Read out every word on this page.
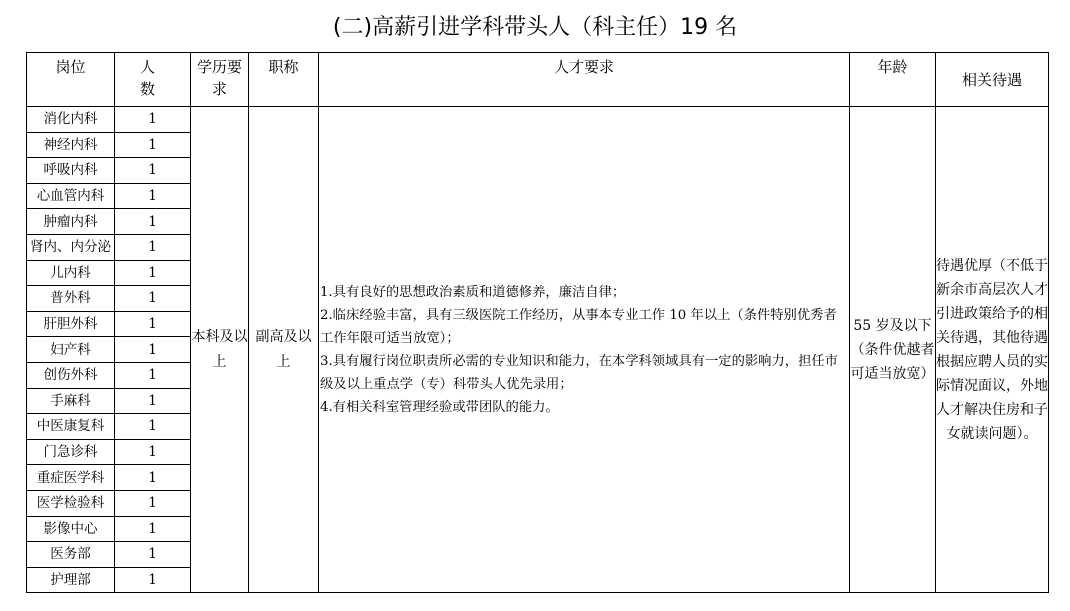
(二)高薪引进学科带头人（科主任）19 名
岗位	人数	学历要求	职称	人才要求	年龄	相关待遇
消化内科	1	本科及以上	副高及以上	1.具有良好的思想政治素质和道德修养，廉洁自律；
2.临床经验丰富，具有三级医院工作经历，从事本专业工作 10 年以上（条件特别优秀者工作年限可适当放宽）；
3.具有履行岗位职责所必需的专业知识和能力，在本学科领域具有一定的影响力，担任市级及以上重点学（专）科带头人优先录用；
4.有相关科室管理经验或带团队的能力。	55 岁及以下（条件优越者可适当放宽）	待遇优厚（不低于新余市高层次人才引进政策给予的相关待遇，其他待遇根据应聘人员的实际情况面议，外地人才解决住房和子女就读问题）。
神经内科	1					
呼吸内科	1					
心血管内科	1					
肿瘤内科	1					
肾内、内分泌	1					
儿内科	1					
普外科	1					
肝胆外科	1					
妇产科	1					
创伤外科	1					
手麻科	1					
中医康复科	1					
门急诊科	1					
重症医学科	1					
医学检验科	1					
影像中心	1					
医务部	1					
护理部	1					
